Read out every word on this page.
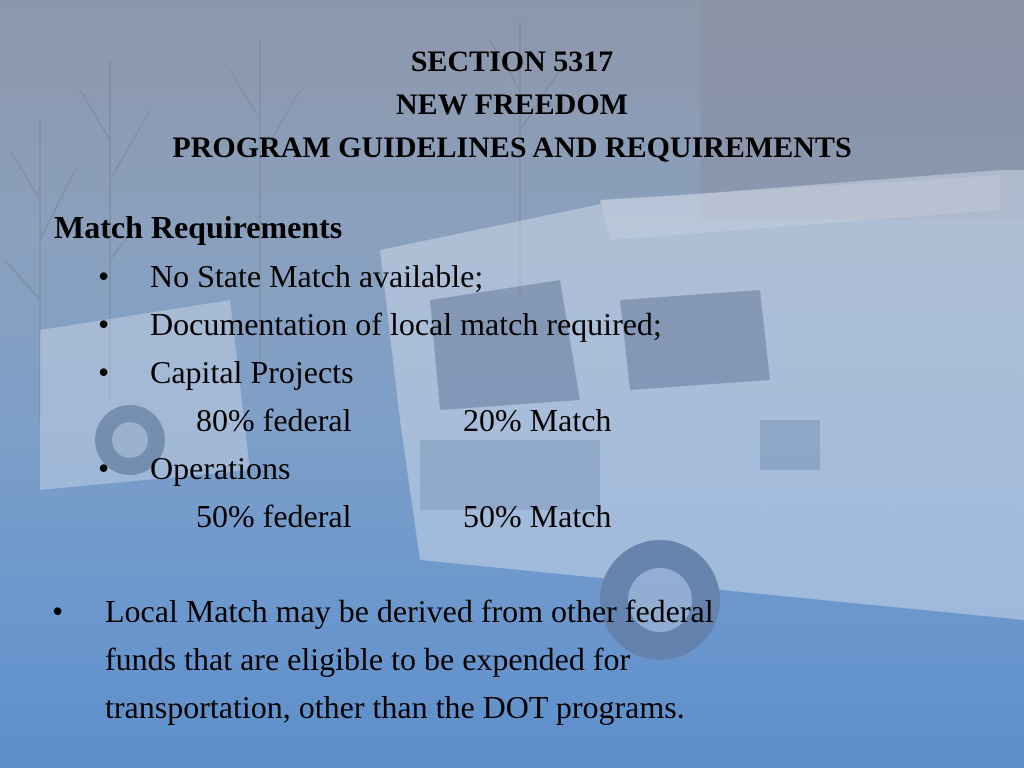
SECTION 5317
NEW FREEDOM
PROGRAM GUIDELINES AND REQUIREMENTS
Match Requirements
• No State Match available;
• Documentation of local match required;
• Capital Projects
80% federal	20% Match
• Operations
50% federal	50% Match
• Local Match may be derived from other federal
funds that are eligible to be expended for
transportation, other than the DOT programs.
